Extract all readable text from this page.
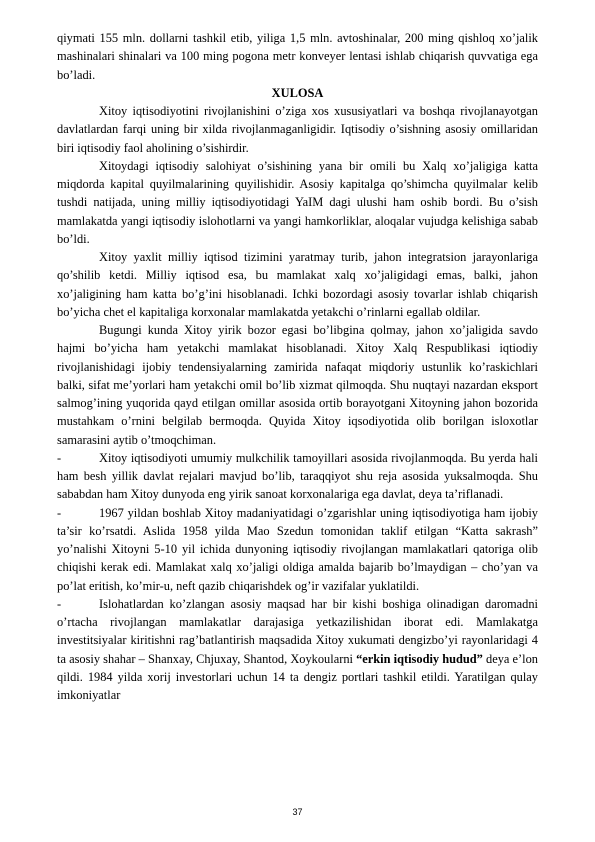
qiymati 155 mln. dollarni tashkil etib, yiliga 1,5 mln. avtoshinalar, 200 ming qishloq xo’jalik mashinalari shinalari va 100 ming pogona metr konveyer lentasi ishlab chiqarish quvvatiga ega bo’ladi.

XULOSA

Xitoy iqtisodiyotini rivojlanishini o’ziga xos xususiyatlari va boshqa rivojlanayotgan davlatlardan farqi uning bir xilda rivojlanmaganligidir. Iqtisodiy o’sishning asosiy omillaridan biri iqtisodiy faol aholining o’sishirdir.

Xitoydagi iqtisodiy salohiyat o’sishining yana bir omili bu Xalq xo’jaligiga katta miqdorda kapital quyilmalarining quyilishidir. Asosiy kapitalga qo’shimcha quyilmalar kelib tushdi natijada, uning milliy iqtisodiyotidagi YaIM dagi ulushi ham oshib bordi. Bu o’sish mamlakatda yangi iqtisodiy islohotlarni va yangi hamkorliklar, aloqalar vujudga kelishiga sabab bo’ldi.

Xitoy yaxlit milliy iqtisod tizimini yaratmay turib, jahon integratsion jarayonlariga qo’shilib ketdi. Milliy iqtisod esa, bu mamlakat xalq xo’jaligidagi emas, balki, jahon xo’jaligining ham katta bo’g’ini hisoblanadi. Ichki bozordagi asosiy tovarlar ishlab chiqarish bo’yicha chet el kapitaliga korxonalar mamlakatda yetakchi o’rinlarni egallab oldilar.

Bugungi kunda Xitoy yirik bozor egasi bo’libgina qolmay, jahon xo’jaligida savdo hajmi bo’yicha ham yetakchi mamlakat hisoblanadi. Xitoy Xalq Respublikasi iqtiodiy rivojlanishidagi ijobiy tendensiyalarning zamirida nafaqat miqdoriy ustunlik ko’raskichlari balki, sifat me’yorlari ham yetakchi omil bo’lib xizmat qilmoqda. Shu nuqtayi nazardan eksport salmog’ining yuqorida qayd etilgan omillar asosida ortib borayotgani Xitoyning jahon bozorida mustahkam o’rnini belgilab bermoqda. Quyida Xitoy iqsodiyotida olib borilgan isloxotlar samarasini aytib o’tmoqchiman.

-	Xitoy iqtisodiyoti umumiy mulkchilik tamoyillari asosida rivojlanmoqda. Bu yerda hali ham besh yillik davlat rejalari mavjud bo’lib, taraqqiyot shu reja asosida yuksalmoqda. Shu sababdan ham Xitoy dunyoda eng yirik sanoat korxonalariga ega davlat, deya ta’riflanadi.

-	1967 yildan boshlab Xitoy madaniyatidagi o’zgarishlar uning iqtisodiyotiga ham ijobiy ta’sir ko’rsatdi. Aslida 1958 yilda Mao Szedun tomonidan taklif etilgan “Katta sakrash” yo’nalishi Xitoyni 5-10 yil ichida dunyoning iqtisodiy rivojlangan mamlakatlari qatoriga olib chiqishi kerak edi. Mamlakat xalq xo’jaligi oldiga amalda bajarib bo’lmaydigan – cho’yan va po’lat eritish, ko’mir-u, neft qazib chiqarishdek og’ir vazifalar yuklatildi.

-	Islohatlardan ko’zlangan asosiy maqsad har bir kishi boshiga olinadigan daromadni o’rtacha rivojlangan mamlakatlar darajasiga yetkazilishidan iborat edi. Mamlakatga investitsiyalar kiritishni rag’batlantirish maqsadida Xitoy xukumati dengizbo’yi rayonlaridagi 4 ta asosiy shahar – Shanxay, Chjuxay, Shantod, Xoykoularni “erkin iqtisodiy hudud” deya e’lon qildi. 1984 yilda xorij investorlari uchun 14 ta dengiz portlari tashkil etildi. Yaratilgan qulay imkoniyatlar

37
